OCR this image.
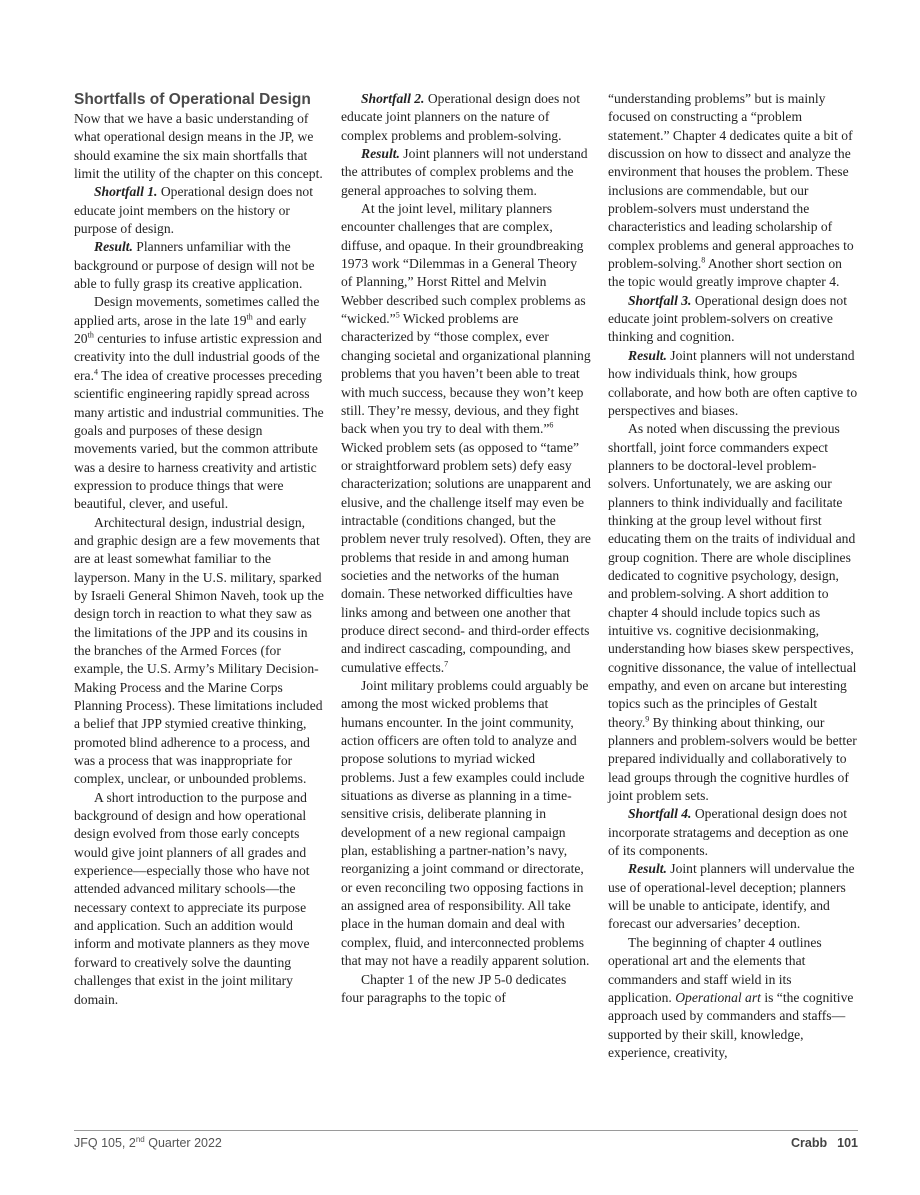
Shortfalls of Operational Design

Now that we have a basic understanding of what operational design means in the JP, we should examine the six main shortfalls that limit the utility of the chapter on this concept.

Shortfall 1. Operational design does not educate joint members on the history or purpose of design.

Result. Planners unfamiliar with the background or purpose of design will not be able to fully grasp its creative application.

Design movements, sometimes called the applied arts, arose in the late 19th and early 20th centuries to infuse artistic expression and creativity into the dull industrial goods of the era.$^4$ The idea of creative processes preceding scientific engineering rapidly spread across many artistic and industrial communities. The goals and purposes of these design movements varied, but the common attribute was a desire to harness creativity and artistic expression to produce things that were beautiful, clever, and useful.

Architectural design, industrial design, and graphic design are a few movements that are at least somewhat familiar to the layperson. Many in the U.S. military, sparked by Israeli General Shimon Naveh, took up the design torch in reaction to what they saw as the limitations of the JPP and its cousins in the branches of the Armed Forces (for example, the U.S. Army’s Military Decision-Making Process and the Marine Corps Planning Process). These limitations included a belief that JPP stymied creative thinking, promoted blind adherence to a process, and was a process that was inappropriate for complex, unclear, or unbounded problems.

A short introduction to the purpose and background of design and how operational design evolved from those early concepts would give joint planners of all grades and experience—especially those who have not attended advanced military schools—the necessary context to appreciate its purpose and application. Such an addition would inform and motivate planners as they move forward to creatively solve the daunting challenges that exist in the joint military domain.

Shortfall 2. Operational design does not educate joint planners on the nature of complex problems and problem-solving.

Result. Joint planners will not understand the attributes of complex problems and the general approaches to solving them.

At the joint level, military planners encounter challenges that are complex, diffuse, and opaque. In their groundbreaking 1973 work “Dilemmas in a General Theory of Planning,” Horst Rittel and Melvin Webber described such complex problems as “wicked.”$^5$ Wicked problems are characterized by “those complex, ever changing societal and organizational planning problems that you haven’t been able to treat with much success, because they won’t keep still. They’re messy, devious, and they fight back when you try to deal with them.”$^6$ Wicked problem sets (as opposed to “tame” or straightforward problem sets) defy easy characterization; solutions are unapparent and elusive, and the challenge itself may even be intractable (conditions changed, but the problem never truly resolved). Often, they are problems that reside in and among human societies and the networks of the human domain. These networked difficulties have links among and between one another that produce direct second- and third-order effects and indirect cascading, compounding, and cumulative effects.$^7$

Joint military problems could arguably be among the most wicked problems that humans encounter. In the joint community, action officers are often told to analyze and propose solutions to myriad wicked problems. Just a few examples could include situations as diverse as planning in a time-sensitive crisis, deliberate planning in development of a new regional campaign plan, establishing a partner-nation’s navy, reorganizing a joint command or directorate, or even reconciling two opposing factions in an assigned area of responsibility. All take place in the human domain and deal with complex, fluid, and interconnected problems that may not have a readily apparent solution.

Chapter 1 of the new JP 5-0 dedicates four paragraphs to the topic of

“understanding problems” but is mainly focused on constructing a “problem statement.” Chapter 4 dedicates quite a bit of discussion on how to dissect and analyze the environment that houses the problem. These inclusions are commendable, but our problem-solvers must understand the characteristics and leading scholarship of complex problems and general approaches to problem-solving.$^8$ Another short section on the topic would greatly improve chapter 4.

Shortfall 3. Operational design does not educate joint problem-solvers on creative thinking and cognition.

Result. Joint planners will not understand how individuals think, how groups collaborate, and how both are often captive to perspectives and biases.

As noted when discussing the previous shortfall, joint force commanders expect planners to be doctoral-level problem-solvers. Unfortunately, we are asking our planners to think individually and facilitate thinking at the group level without first educating them on the traits of individual and group cognition. There are whole disciplines dedicated to cognitive psychology, design, and problem-solving. A short addition to chapter 4 should include topics such as intuitive vs. cognitive decisionmaking, understanding how biases skew perspectives, cognitive dissonance, the value of intellectual empathy, and even on arcane but interesting topics such as the principles of Gestalt theory.$^9$ By thinking about thinking, our planners and problem-solvers would be better prepared individually and collaboratively to lead groups through the cognitive hurdles of joint problem sets.

Shortfall 4. Operational design does not incorporate stratagems and deception as one of its components.

Result. Joint planners will undervalue the use of operational-level deception; planners will be unable to anticipate, identify, and forecast our adversaries’ deception.

The beginning of chapter 4 outlines operational art and the elements that commanders and staff wield in its application. Operational art is “the cognitive approach used by commanders and staffs—supported by their skill, knowledge, experience, creativity,

JFQ 105, 2nd Quarter 2022	Crabb 101
